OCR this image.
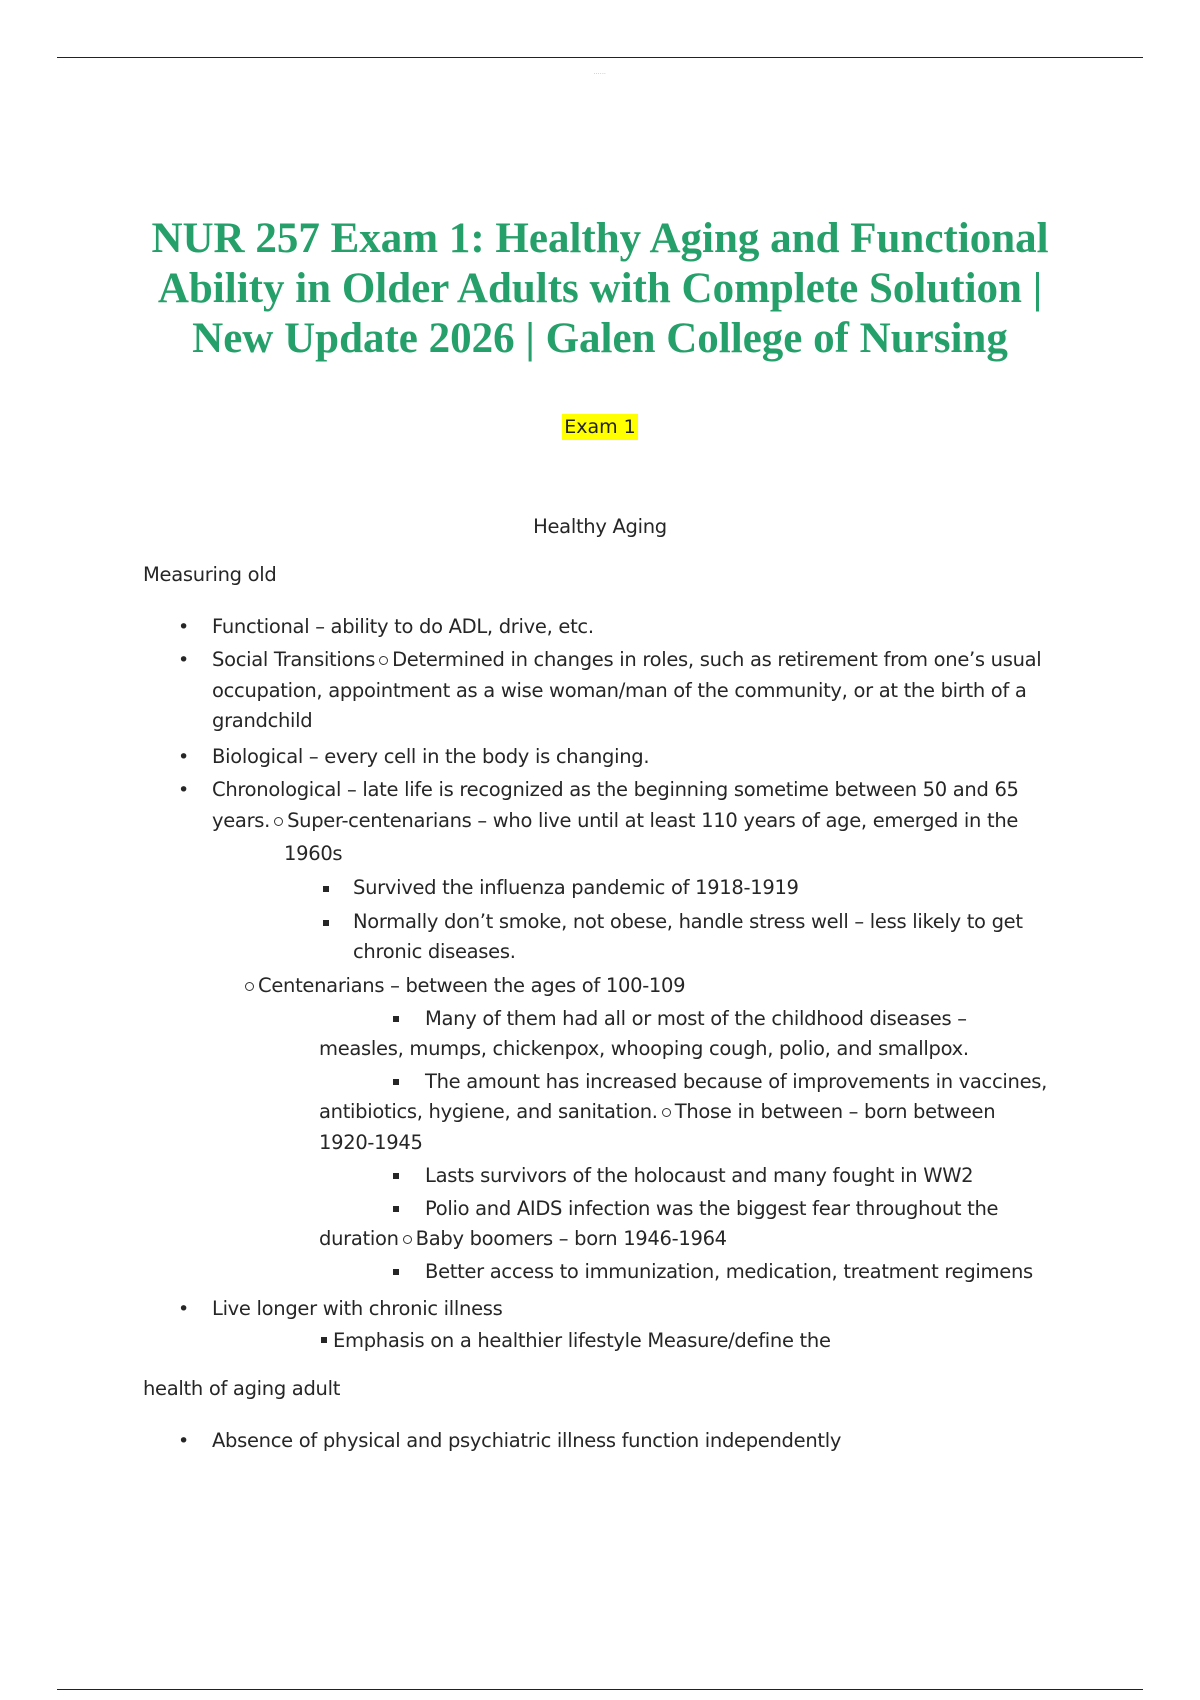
......
NUR 257 Exam 1: Healthy Aging and Functional
Ability in Older Adults with Complete Solution |
New Update 2026 | Galen College of Nursing
Exam 1
Healthy Aging
Measuring old
• Functional – ability to do ADL, drive, etc.
• Social Transitions Determined in changes in roles, such as retirement from one’s usual
occupation, appointment as a wise woman/man of the community, or at the birth of a
grandchild
• Biological – every cell in the body is changing.
• Chronological – late life is recognized as the beginning sometime between 50 and 65
years. Super-centenarians – who live until at least 110 years of age, emerged in the
1960s
Survived the influenza pandemic of 1918-1919
Normally don’t smoke, not obese, handle stress well – less likely to get
chronic diseases.
Centenarians – between the ages of 100-109
Many of them had all or most of the childhood diseases –
measles, mumps, chickenpox, whooping cough, polio, and smallpox.
The amount has increased because of improvements in vaccines,
antibiotics, hygiene, and sanitation. Those in between – born between
1920-1945
Lasts survivors of the holocaust and many fought in WW2
Polio and AIDS infection was the biggest fear throughout the
duration Baby boomers – born 1946-1964
Better access to immunization, medication, treatment regimens
• Live longer with chronic illness
Emphasis on a healthier lifestyle Measure/define the
health of aging adult
• Absence of physical and psychiatric illness function independently
